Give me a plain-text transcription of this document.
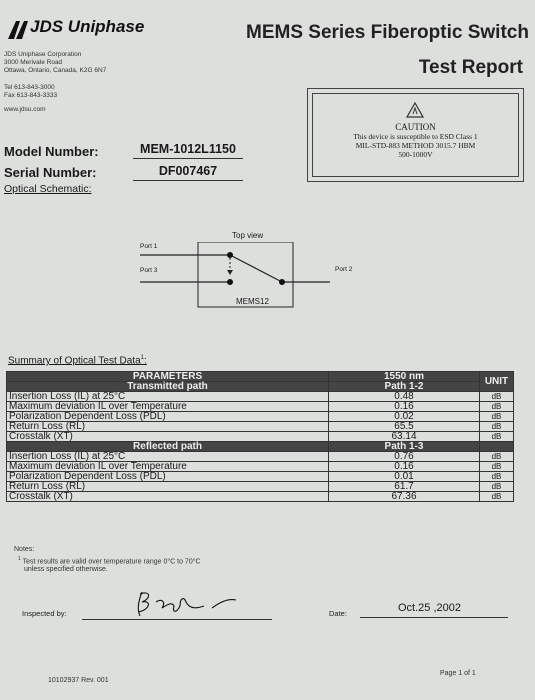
JDS Uniphase	MEMS Series Fiberoptic Switch
Test Report
JDS Uniphase Corporation
3000 Merivale Road
Ottawa, Ontario, Canada, K2G 6N7
Tel 613-843-3000
Fax 613-843-3333
www.jdsu.com
CAUTION
This device is susceptible to ESD Class 1
MIL-STD-883 METHOD 3015.7 HBM
500-1000V
Model Number:	MEM-1012L1150
Serial Number:	DF007467
Optical Schematic:
Top view
Port 1
Port 3	Port 2
MEMS12
Summary of Optical Test Data$^1$:
PARAMETERS	1550 nm	UNIT
Transmitted path	Path 1-2	
Insertion Loss (IL) at 25°C	0.48	dB
Maximum deviation IL over Temperature	0.16	dB
Polarization Dependent Loss (PDL)	0.02	dB
Return Loss (RL)	65.5	dB
Crosstalk (XT)	63.14	dB
Reflected path	Path 1-3	
Insertion Loss (IL) at 25°C	0.76	dB
Maximum deviation IL over Temperature	0.16	dB
Polarization Dependent Loss (PDL)	0.01	dB
Return Loss (RL)	61.7	dB
Crosstalk (XT)	67.36	dB
Notes:
$^1$ Test results are valid over temperature range 0°C to 70°C
unless specified otherwise.
Inspected by:	Date:	Oct.25 ,2002
10102937 Rev. 001
Page 1 of 1
